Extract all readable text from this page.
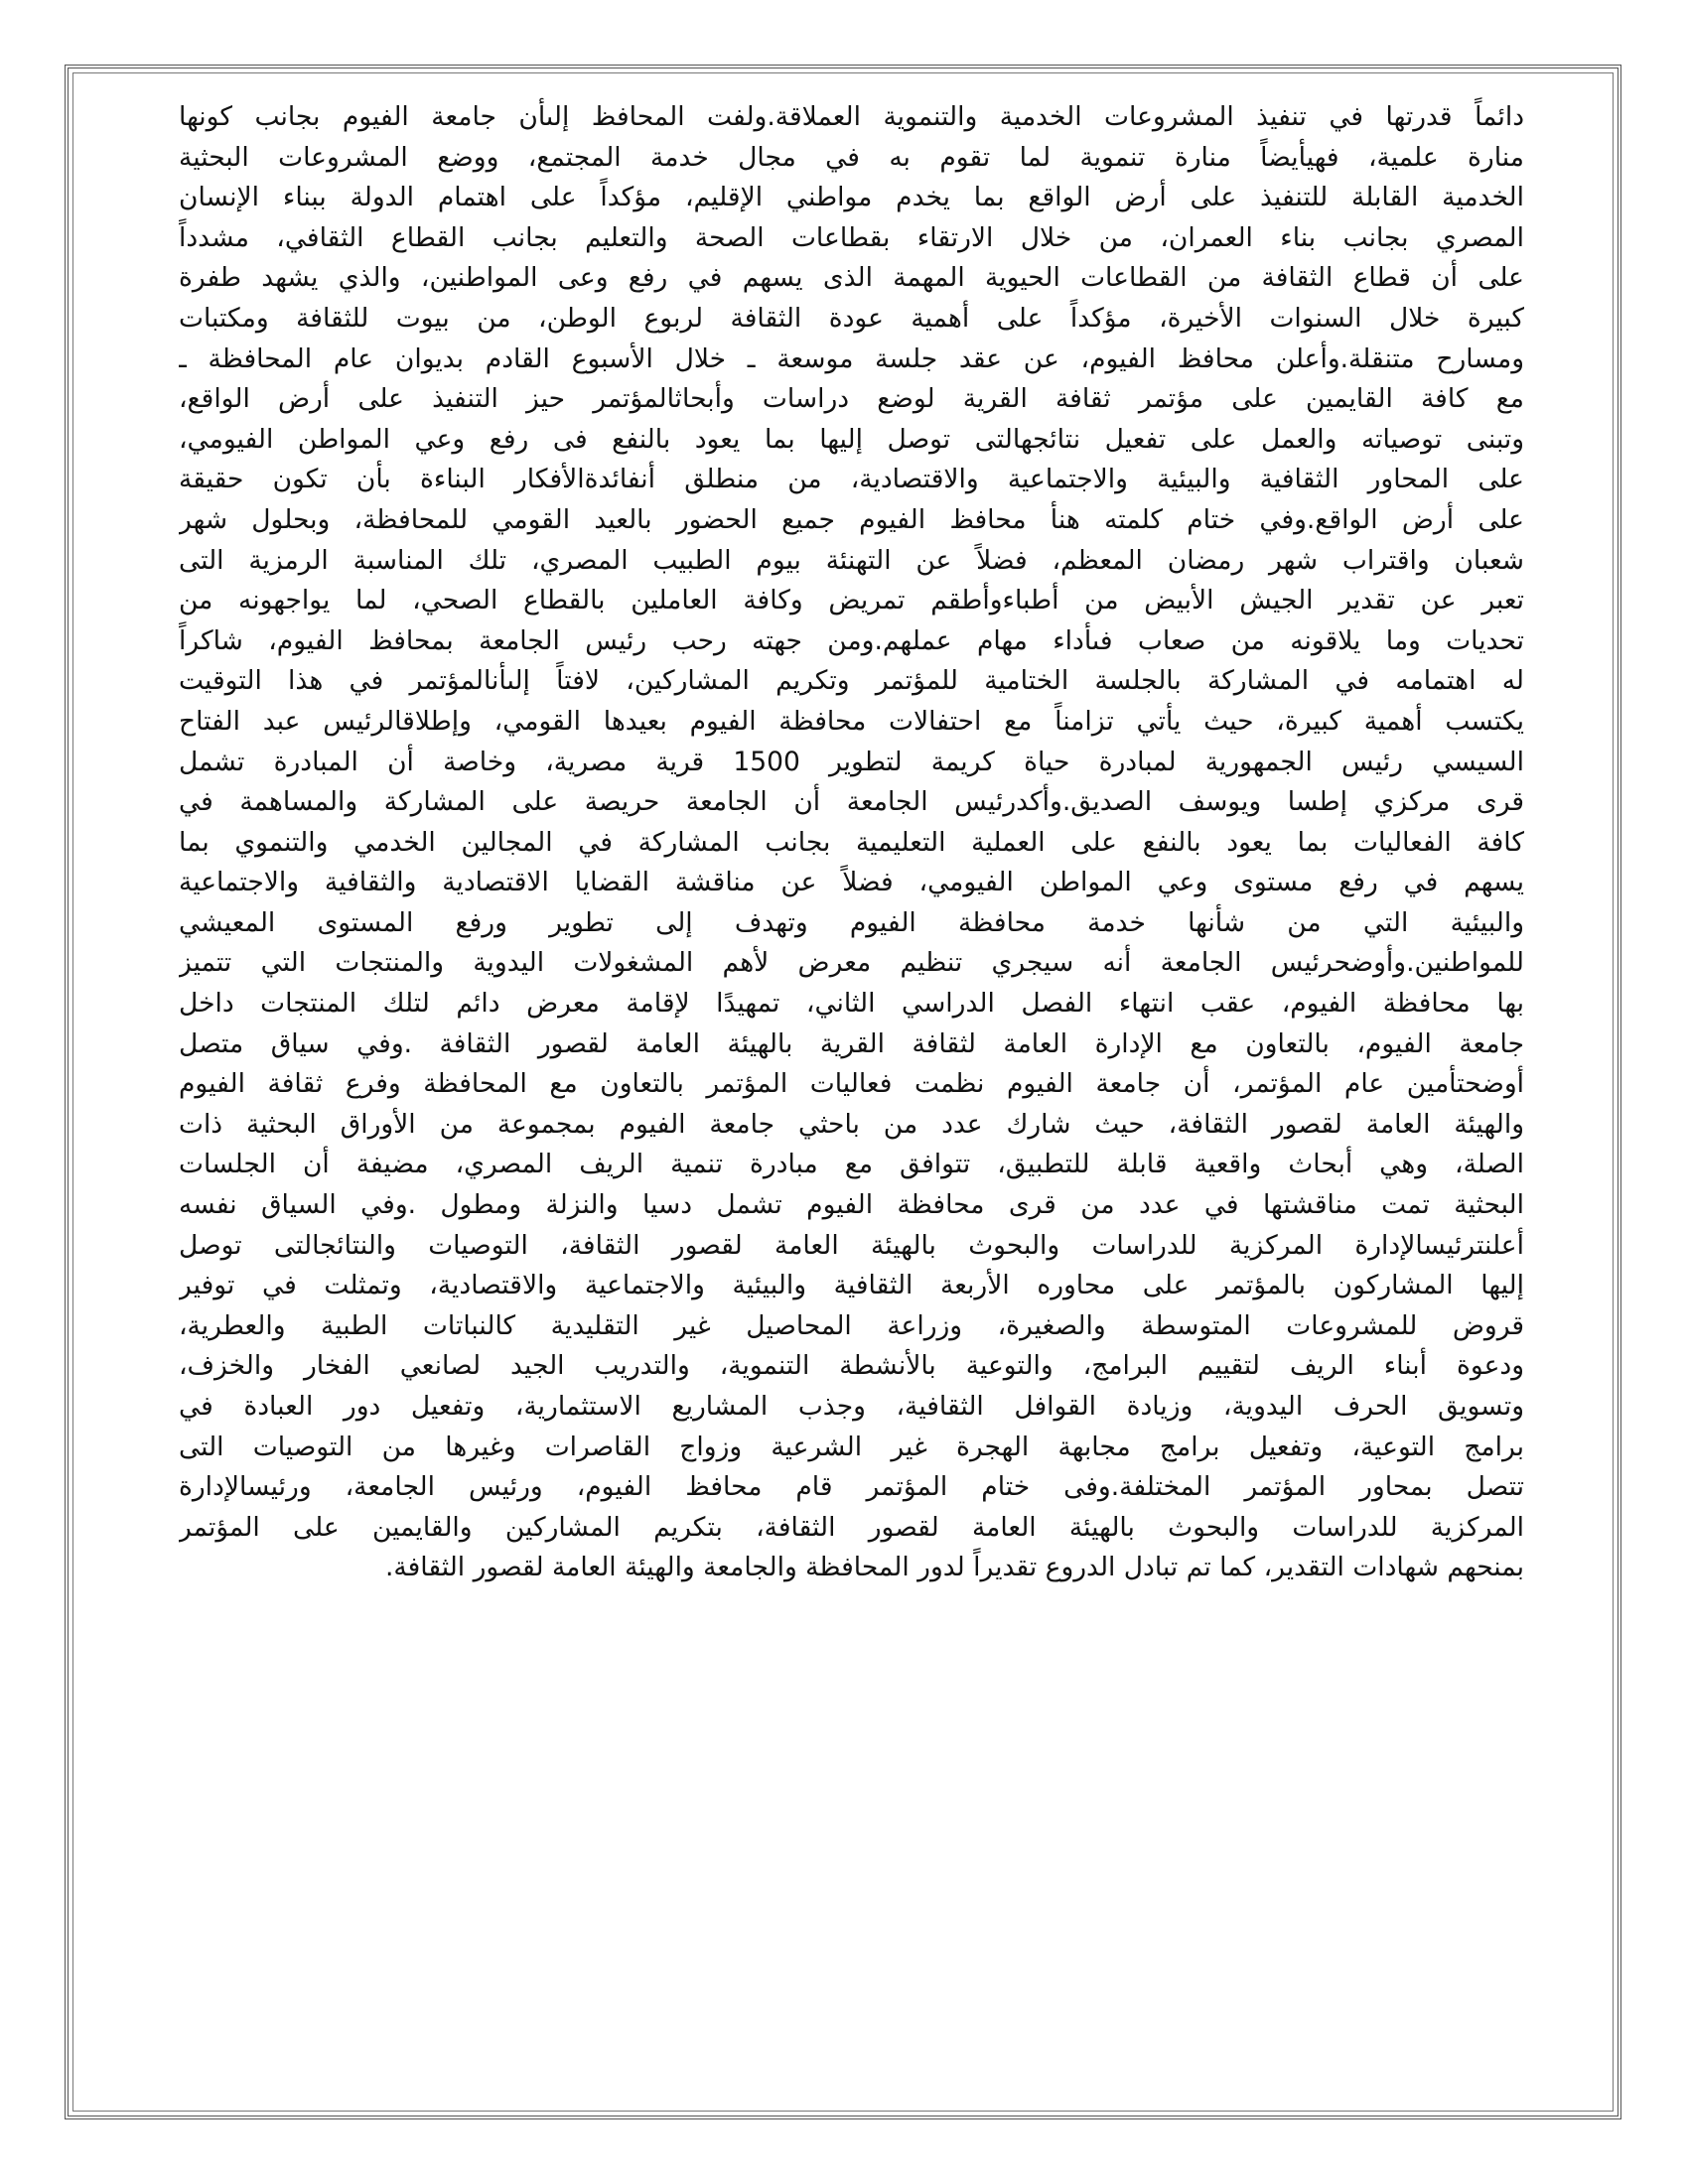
دائماً قدرتها في تنفيذ المشروعات الخدمية والتنموية العملاقة.ولفت المحافظ إلىأن جامعة الفيوم بجانب كونها
منارة علمية، فهيأيضاً منارة تنموية لما تقوم به في مجال خدمة المجتمع، ووضع المشروعات البحثية
الخدمية القابلة للتنفيذ على أرض الواقع بما يخدم مواطني الإقليم، مؤكداً على اهتمام الدولة ببناء الإنسان
المصري بجانب بناء العمران، من خلال الارتقاء بقطاعات الصحة والتعليم بجانب القطاع الثقافي، مشدداً
على أن قطاع الثقافة من القطاعات الحيوية المهمة الذى يسهم في رفع وعى المواطنين، والذي يشهد طفرة
كبيرة خلال السنوات الأخيرة، مؤكداً على أهمية عودة الثقافة لربوع الوطن، من بيوت للثقافة ومكتبات
ومسارح متنقلة.وأعلن محافظ الفيوم، عن عقد جلسة موسعة ـ خلال الأسبوع القادم بديوان عام المحافظة ـ
مع كافة القايمين على مؤتمر ثقافة القرية لوضع دراسات وأبحاثالمؤتمر حيز التنفيذ على أرض الواقع،
وتبنى توصياته والعمل على تفعيل نتائجهالتى توصل إليها بما يعود بالنفع فى رفع وعي المواطن الفيومي،
على المحاور الثقافية والبيئية والاجتماعية والاقتصادية، من منطلق أنفائدةالأفكار البناءة بأن تكون حقيقة
على أرض الواقع.وفي ختام كلمته هنأ محافظ الفيوم جميع الحضور بالعيد القومي للمحافظة، وبحلول شهر
شعبان واقتراب شهر رمضان المعظم، فضلاً عن التهنئة بيوم الطبيب المصري، تلك المناسبة الرمزية التى
تعبر عن تقدير الجيش الأبيض من أطباءوأطقم تمريض وكافة العاملين بالقطاع الصحي، لما يواجهونه من
تحديات وما يلاقونه من صعاب فىأداء مهام عملهم.ومن جهته رحب رئيس الجامعة بمحافظ الفيوم، شاكراً
له اهتمامه في المشاركة بالجلسة الختامية للمؤتمر وتكريم المشاركين، لافتاً إلىأنالمؤتمر في هذا التوقيت
يكتسب أهمية كبيرة، حيث يأتي تزامناً مع احتفالات محافظة الفيوم بعيدها القومي، وإطلاقالرئيس عبد الفتاح
السيسي رئيس الجمهورية لمبادرة حياة كريمة لتطوير 1500 قرية مصرية، وخاصة أن المبادرة تشمل
قرى مركزي إطسا ويوسف الصديق.وأكدرئيس الجامعة أن الجامعة حريصة على المشاركة والمساهمة في
كافة الفعاليات بما يعود بالنفع على العملية التعليمية بجانب المشاركة في المجالين الخدمي والتنموي بما
يسهم في رفع مستوى وعي المواطن الفيومي، فضلاً عن مناقشة القضايا الاقتصادية والثقافية والاجتماعية
والبيئية التي من شأنها خدمة محافظة الفيوم وتهدف إلى تطوير ورفع المستوى المعيشي
للمواطنين.وأوضحرئيس الجامعة أنه سيجري تنظيم معرض لأهم المشغولات اليدوية والمنتجات التي تتميز
بها محافظة الفيوم، عقب انتهاء الفصل الدراسي الثاني، تمهيدًا لإقامة معرض دائم لتلك المنتجات داخل
جامعة الفيوم، بالتعاون مع الإدارة العامة لثقافة القرية بالهيئة العامة لقصور الثقافة .وفي سياق متصل
أوضحتأمين عام المؤتمر، أن جامعة الفيوم نظمت فعاليات المؤتمر بالتعاون مع المحافظة وفرع ثقافة الفيوم
والهيئة العامة لقصور الثقافة، حيث شارك عدد من باحثي جامعة الفيوم بمجموعة من الأوراق البحثية ذات
الصلة، وهي أبحاث واقعية قابلة للتطبيق، تتوافق مع مبادرة تنمية الريف المصري، مضيفة أن الجلسات
البحثية تمت مناقشتها في عدد من قرى محافظة الفيوم تشمل دسيا والنزلة ومطول .وفي السياق نفسه
أعلنترئيسالإدارة المركزية للدراسات والبحوث بالهيئة العامة لقصور الثقافة، التوصيات والنتائجالتى توصل
إليها المشاركون بالمؤتمر على محاوره الأربعة الثقافية والبيئية والاجتماعية والاقتصادية، وتمثلت في توفير
قروض للمشروعات المتوسطة والصغيرة، وزراعة المحاصيل غير التقليدية كالنباتات الطبية والعطرية،
ودعوة أبناء الريف لتقييم البرامج، والتوعية بالأنشطة التنموية، والتدريب الجيد لصانعي الفخار والخزف،
وتسويق الحرف اليدوية، وزيادة القوافل الثقافية، وجذب المشاريع الاستثمارية، وتفعيل دور العبادة في
برامج التوعية، وتفعيل برامج مجابهة الهجرة غير الشرعية وزواج القاصرات وغيرها من التوصيات التى
تتصل بمحاور المؤتمر المختلفة.وفى ختام المؤتمر قام محافظ الفيوم، ورئيس الجامعة، ورئيسالإدارة
المركزية للدراسات والبحوث بالهيئة العامة لقصور الثقافة، بتكريم المشاركين والقايمين على المؤتمر
بمنحهم شهادات التقدير، كما تم تبادل الدروع تقديراً لدور المحافظة والجامعة والهيئة العامة لقصور الثقافة.
